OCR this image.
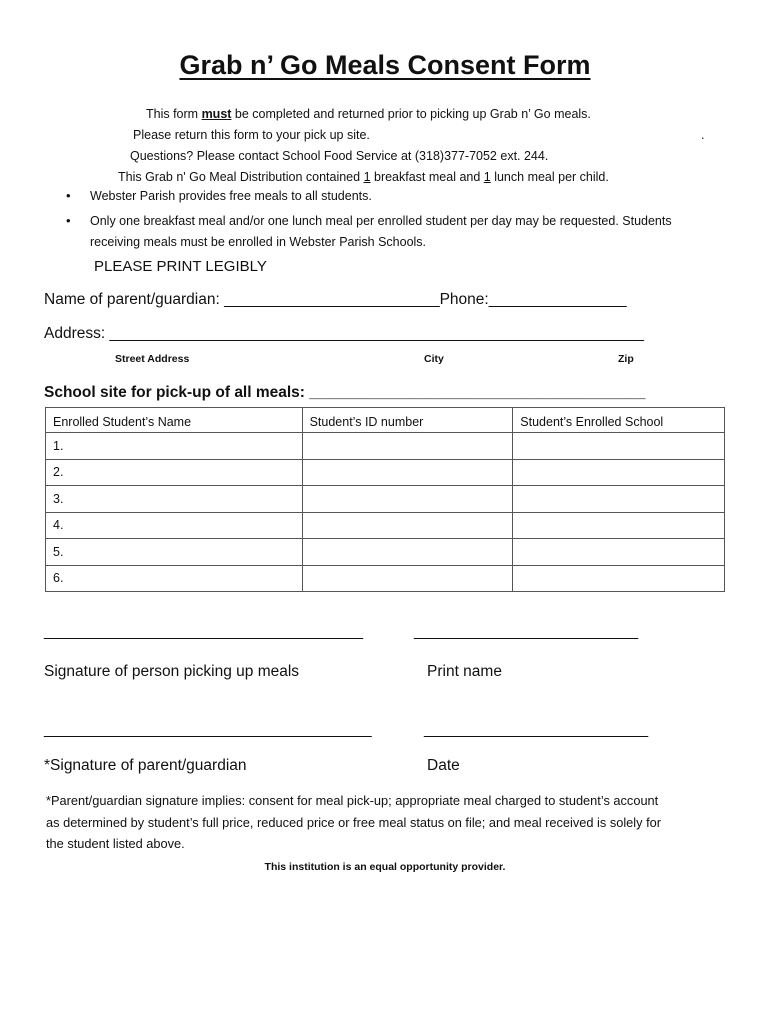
Grab n’ Go Meals Consent Form
This form must be completed and returned prior to picking up Grab n’ Go meals.
Please return this form to your pick up site.	.
Questions? Please contact School Food Service at (318)377-7052 ext. 244.
This Grab n' Go Meal Distribution contained 1 breakfast meal and 1 lunch meal per child.
• Webster Parish provides free meals to all students.
• Only one breakfast meal and/or one lunch meal per enrolled student per day may be requested. Students
receiving meals must be enrolled in Webster Parish Schools.
PLEASE PRINT LEGIBLY
Name of parent/guardian: _________________________Phone:________________
Address: ______________________________________________________________
Street Address	City	Zip
School site for pick-up of all meals: _______________________________________
Enrolled Student’s Name	Student’s ID number	Student’s Enrolled School
1.		
2.		
3.		
4.		
5.		
6.		
_____________________________________	__________________________
Signature of person picking up meals	Print name
______________________________________	__________________________
*Signature of parent/guardian	Date
*Parent/guardian signature implies: consent for meal pick-up; appropriate meal charged to student’s account
as determined by student’s full price, reduced price or free meal status on file; and meal received is solely for
the student listed above.
This institution is an equal opportunity provider.
